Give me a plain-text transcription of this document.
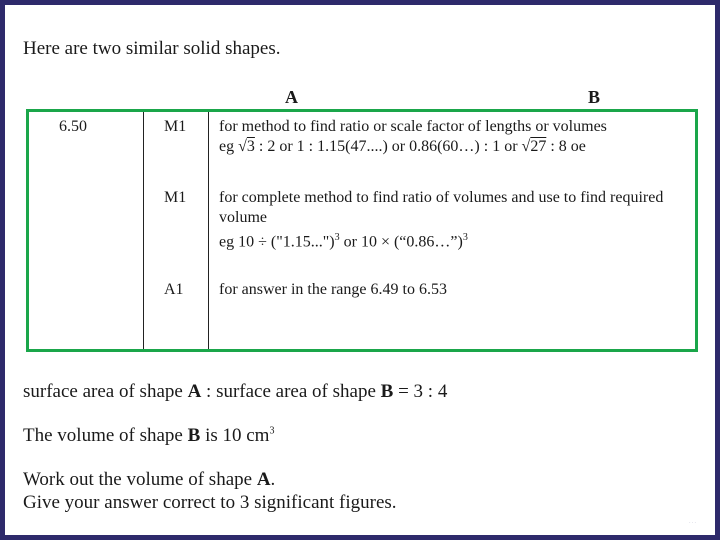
Here are two similar solid shapes.
A	B
6.50	M1 for method to find ratio or scale factor of lengths or volumes
eg √3 : 2 or 1 : 1.15(47....) or 0.86(60…) : 1 or √27 : 8 oe
M1 for complete method to find ratio of volumes and use to find required volume
eg 10 ÷ ("1.15...")$^3$ or 10 × (“0.86…”)$^3$
A1 for answer in the range 6.49 to 6.53
surface area of shape A : surface area of shape B = 3 : 4
The volume of shape B is 10 $cm^3$
Work out the volume of shape A.
Give your answer correct to 3 significant figures.
…
